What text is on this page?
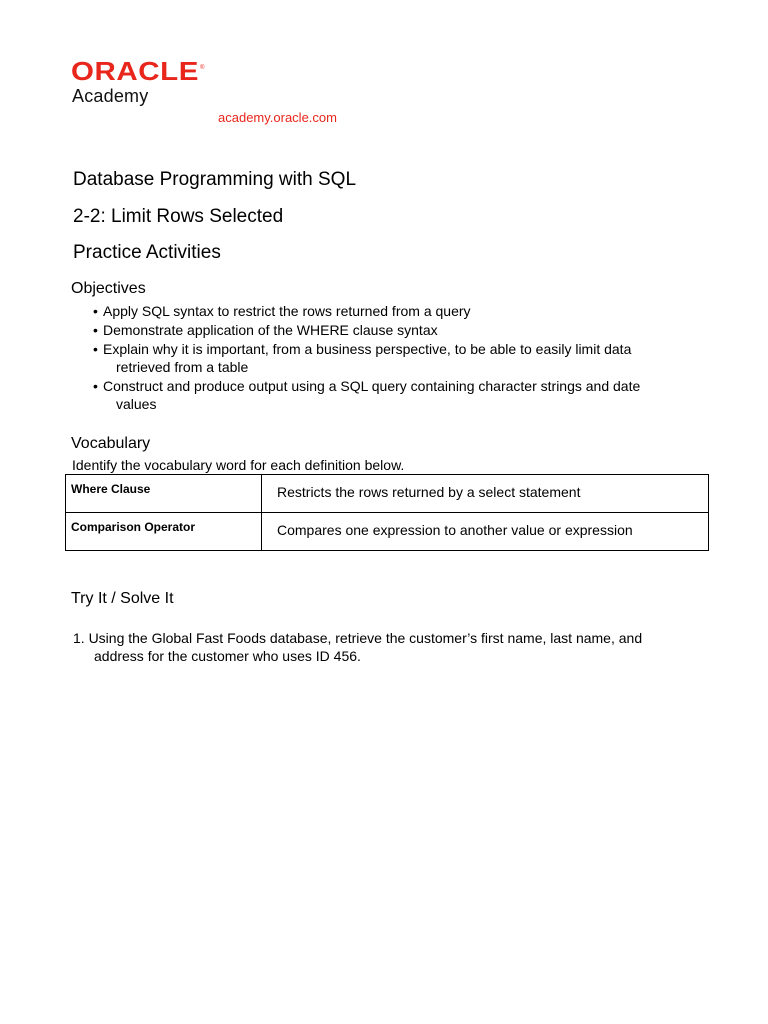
ORACLE ®
Academy
academy.oracle.com
Database Programming with SQL
2-2: Limit Rows Selected
Practice Activities
Objectives
• Apply SQL syntax to restrict the rows returned from a query
• Demonstrate application of the WHERE clause syntax
• Explain why it is important, from a business perspective, to be able to easily limit data
retrieved from a table
• Construct and produce output using a SQL query containing character strings and date
values
Vocabulary
Identify the vocabulary word for each definition below.
Where Clause	Restricts the rows returned by a select statement
Comparison Operator	Compares one expression to another value or expression
Try It / Solve It

1. Using the Global Fast Foods database, retrieve the customer’s first name, last name, and
address for the customer who uses ID 456.
